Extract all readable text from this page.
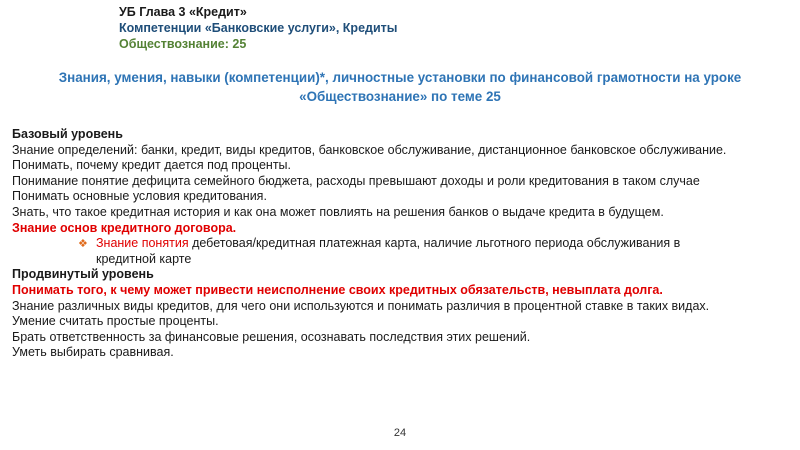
УБ Глава 3 «Кредит»
Компетенции «Банковские услуги», Кредиты
Обществознание: 25
Знания, умения, навыки (компетенции)*, личностные установки по финансовой грамотности на уроке
«Обществознание» по теме 25

Базовый уровень

Знание определений: банки, кредит, виды кредитов, банковское обслуживание, дистанционное банковское обслуживание.

Понимать, почему кредит дается под проценты.

Понимание понятие дефицита семейного бюджета, расходы превышают доходы и роли кредитования в таком случае

Понимать основные условия кредитования.

Знать, что такое кредитная история и как она может повлиять на решения банков о выдаче кредита в будущем.

Знание основ кредитного договора.

❖ Знание понятия дебетовая/кредитная платежная карта, наличие льготного периода обслуживания в кредитной карте

Продвинутый уровень

Понимать того, к чему может привести неисполнение своих кредитных обязательств, невыплата долга.

Знание различных виды кредитов, для чего они используются и понимать различия в процентной ставке в таких видах.

Умение считать простые проценты.

Брать ответственность за финансовые решения, осознавать последствия этих решений.

Уметь выбирать сравнивая.

24
